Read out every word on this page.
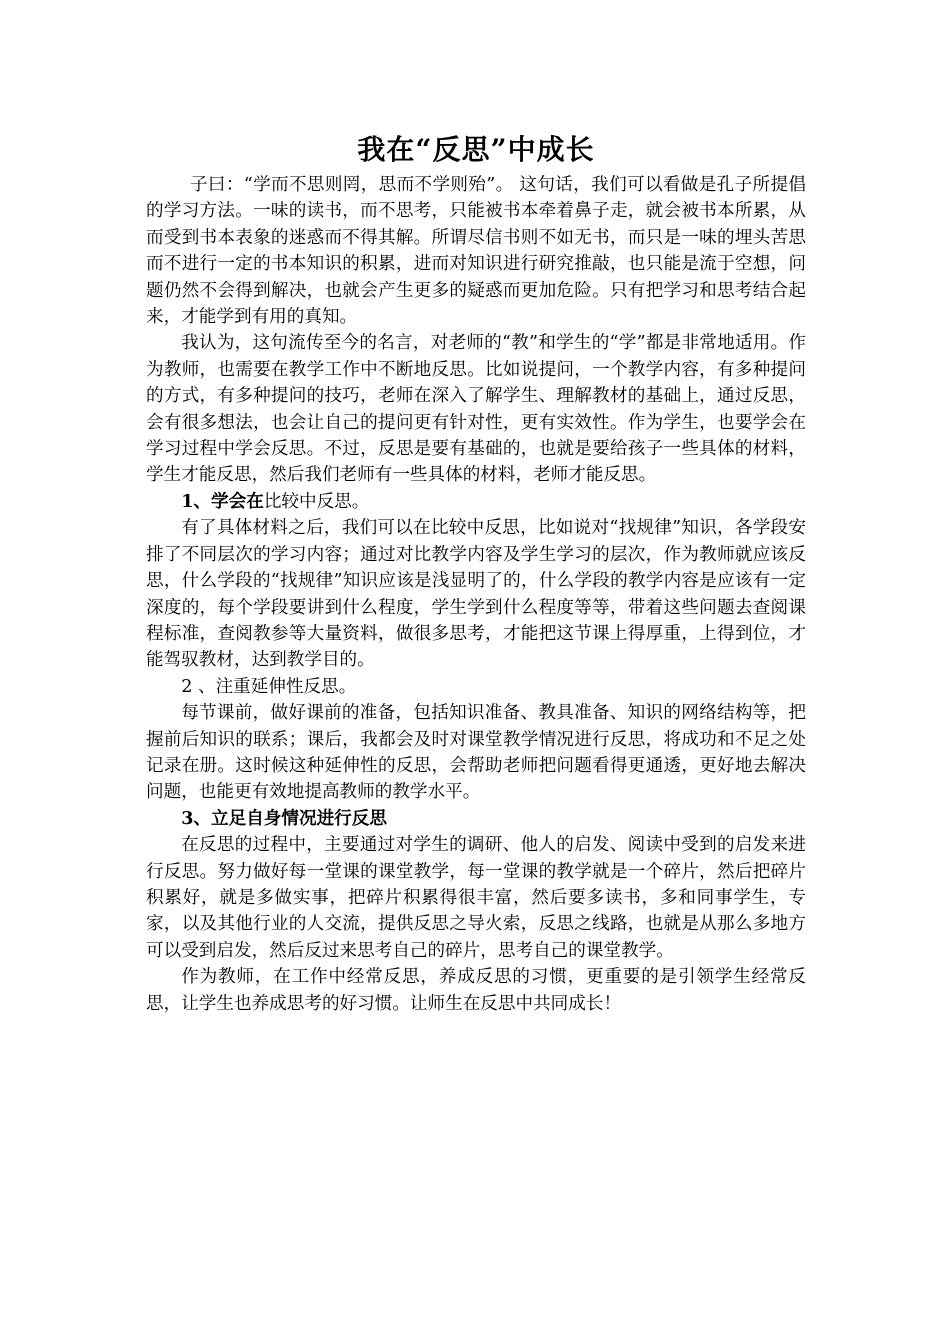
我在“反思”中成长

子曰：“学而不思则罔，思而不学则殆”。 这句话，我们可以看做是孔子所提倡的学习方法。一味的读书，而不思考，只能被书本牵着鼻子走，就会被书本所累，从而受到书本表象的迷惑而不得其解。所谓尽信书则不如无书，而只是一味的埋头苦思而不进行一定的书本知识的积累，进而对知识进行研究推敲，也只能是流于空想，问题仍然不会得到解决，也就会产生更多的疑惑而更加危险。只有把学习和思考结合起来，才能学到有用的真知。

我认为，这句流传至今的名言，对老师的“教”和学生的“学”都是非常地适用。作为教师，也需要在教学工作中不断地反思。比如说提问，一个教学内容，有多种提问的方式，有多种提问的技巧，老师在深入了解学生、理解教材的基础上，通过反思，会有很多想法，也会让自己的提问更有针对性，更有实效性。作为学生，也要学会在学习过程中学会反思。不过，反思是要有基础的，也就是要给孩子一些具体的材料，学生才能反思，然后我们老师有一些具体的材料，老师才能反思。

1、学会在比较中反思。

有了具体材料之后，我们可以在比较中反思，比如说对“找规律”知识，各学段安排了不同层次的学习内容；通过对比教学内容及学生学习的层次，作为教师就应该反思，什么学段的“找规律”知识应该是浅显明了的，什么学段的教学内容是应该有一定深度的，每个学段要讲到什么程度，学生学到什么程度等等，带着这些问题去查阅课程标准，查阅教参等大量资料，做很多思考，才能把这节课上得厚重，上得到位，才能驾驭教材，达到教学目的。

2 、注重延伸性反思。

每节课前，做好课前的准备，包括知识准备、教具准备、知识的网络结构等，把握前后知识的联系；课后，我都会及时对课堂教学情况进行反思，将成功和不足之处记录在册。这时候这种延伸性的反思，会帮助老师把问题看得更通透，更好地去解决问题，也能更有效地提高教师的教学水平。

3、立足自身情况进行反思

在反思的过程中，主要通过对学生的调研、他人的启发、阅读中受到的启发来进行反思。努力做好每一堂课的课堂教学，每一堂课的教学就是一个碎片，然后把碎片积累好，就是多做实事，把碎片积累得很丰富，然后要多读书，多和同事学生，专家，以及其他行业的人交流，提供反思之导火索，反思之线路，也就是从那么多地方可以受到启发，然后反过来思考自己的碎片，思考自己的课堂教学。

作为教师，在工作中经常反思，养成反思的习惯，更重要的是引领学生经常反思，让学生也养成思考的好习惯。让师生在反思中共同成长！
